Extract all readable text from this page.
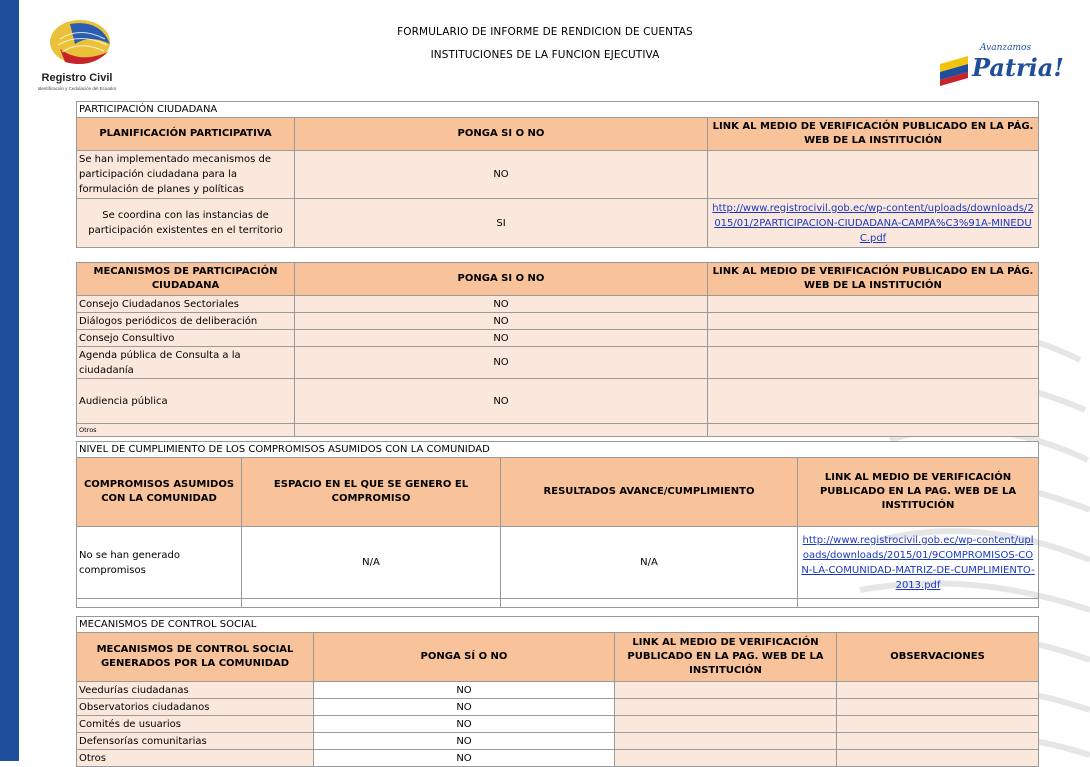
Registro Civil
Identificación y Cedulación del Ecuador
Avanzamos
Patria!
FORMULARIO DE INFORME DE RENDICION DE CUENTAS
INSTITUCIONES DE LA FUNCION EJECUTIVA
PARTICIPACIÓN CIUDADANA		
PLANIFICACIÓN PARTICIPATIVA	PONGA SI O NO	LINK AL MEDIO DE VERIFICACIÓN PUBLICADO EN LA PÁG. WEB DE LA INSTITUCIÓN
Se han implementado mecanismos de participación ciudadana para la formulación de planes y políticas	NO	
Se coordina con las instancias de participación existentes en el territorio	SI	http://www.registrocivil.gob.ec/wp-content/uploads/downloads/2015/01/2PARTICIPACION-CIUDADANA-CAMPA%C3%91A-MINEDUC.pdf
MECANISMOS DE PARTICIPACIÓN CIUDADANA	PONGA SI O NO	LINK AL MEDIO DE VERIFICACIÓN PUBLICADO EN LA PÁG. WEB DE LA INSTITUCIÓN
Consejo Ciudadanos Sectoriales	NO	
Diálogos periódicos de deliberación	NO	
Consejo Consultivo	NO	
Agenda pública de Consulta a la ciudadanía	NO	
Audiencia pública	NO	
Otros		
NIVEL DE CUMPLIMIENTO DE LOS COMPROMISOS ASUMIDOS CON LA COMUNIDAD			
COMPROMISOS ASUMIDOS CON LA COMUNIDAD	ESPACIO EN EL QUE SE GENERO EL COMPROMISO	RESULTADOS AVANCE/CUMPLIMIENTO	LINK AL MEDIO DE VERIFICACIÓN PUBLICADO EN LA PAG. WEB DE LA INSTITUCIÓN
No se han generado compromisos	N/A	N/A	http://www.registrocivil.gob.ec/wp-content/uploads/downloads/2015/01/9COMPROMISOS-CON-LA-COMUNIDAD-MATRIZ-DE-CUMPLIMIENTO-2013.pdf

MECANISMOS DE CONTROL SOCIAL			
MECANISMOS DE CONTROL SOCIAL GENERADOS POR LA COMUNIDAD	PONGA SÍ O NO	LINK AL MEDIO DE VERIFICACIÓN PUBLICADO EN LA PAG. WEB DE LA INSTITUCIÓN	OBSERVACIONES
Veedurías ciudadanas	NO		
Observatorios ciudadanos	NO		
Comités de usuarios	NO		
Defensorías comunitarias	NO		
Otros	NO		
